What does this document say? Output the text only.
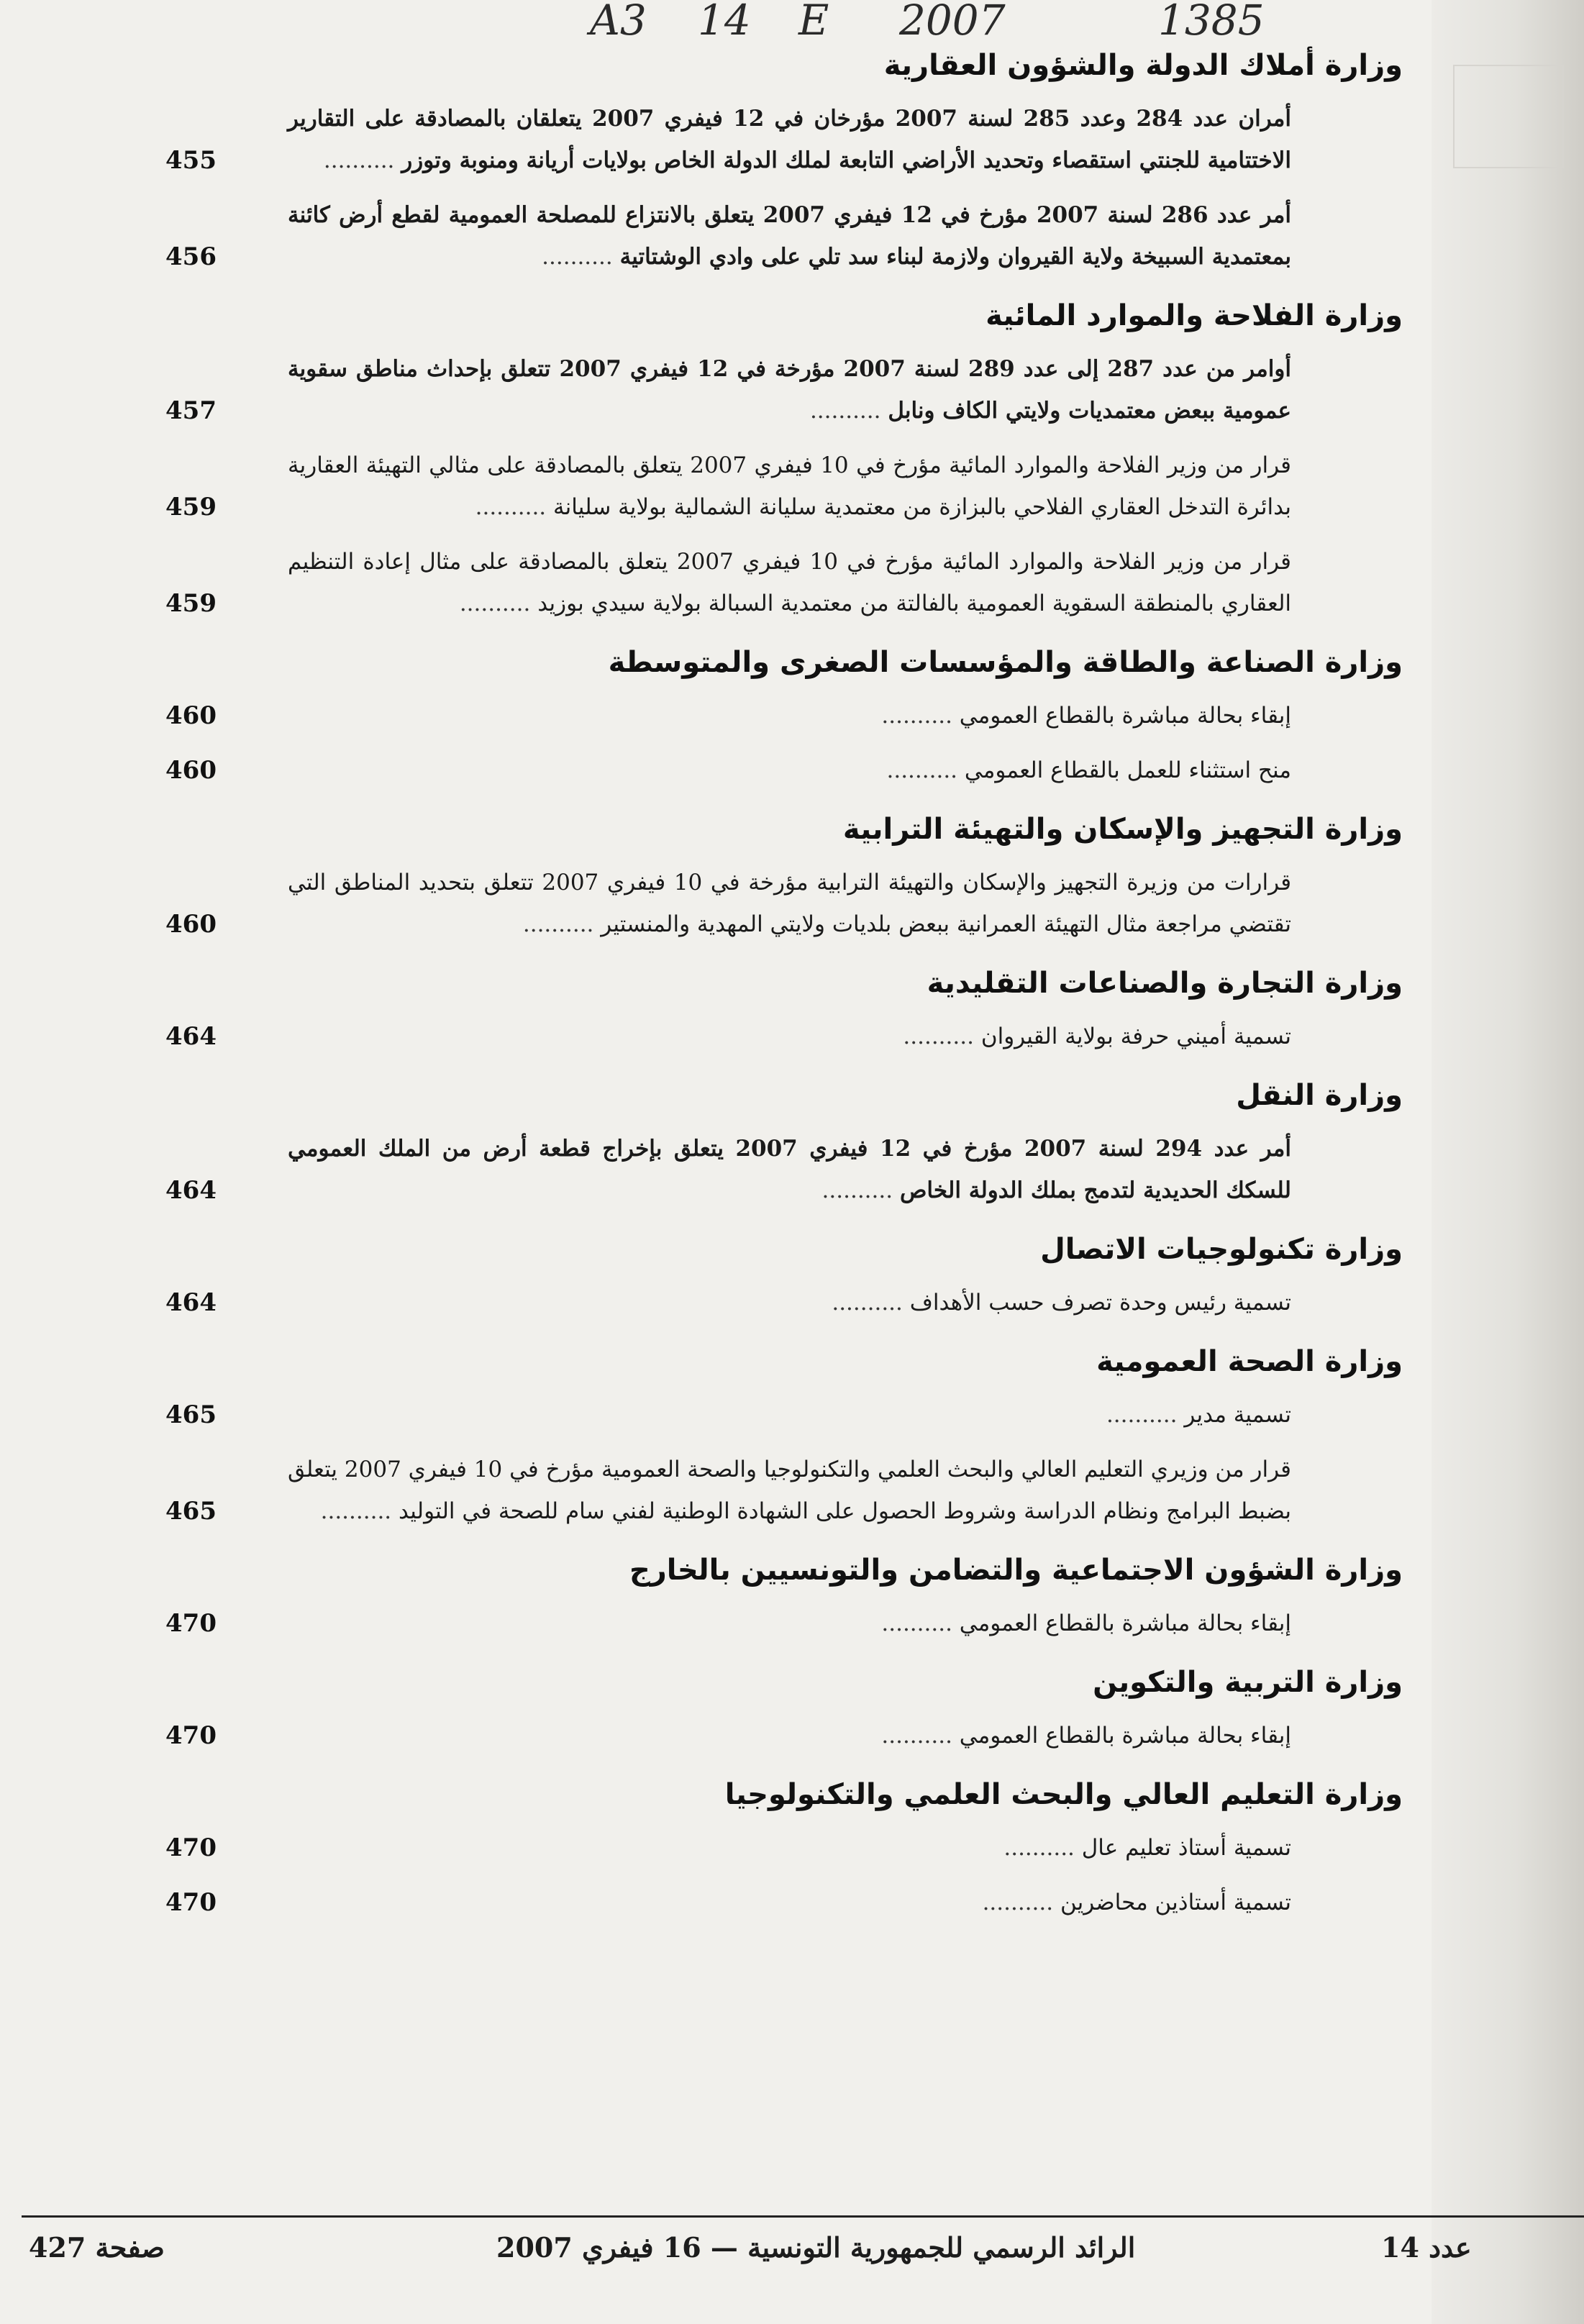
A3 14 E 2007	1385
وزارة أملاك الدولة والشؤون العقارية
أمران عدد 284 وعدد 285 لسنة 2007 مؤرخان في 12 فيفري 2007 يتعلقان بالمصادقة على التقارير الاختتامية للجنتي استقصاء وتحديد الأراضي التابعة لملك الدولة الخاص بولايات أريانة ومنوبة وتوزر ..........
455
أمر عدد 286 لسنة 2007 مؤرخ في 12 فيفري 2007 يتعلق بالانتزاع للمصلحة العمومية لقطع أرض كائنة بمعتمدية السبيخة ولاية القيروان ولازمة لبناء سد تلي على وادي الوشتاتية ..........
456
وزارة الفلاحة والموارد المائية
أوامر من عدد 287 إلى عدد 289 لسنة 2007 مؤرخة في 12 فيفري 2007 تتعلق بإحداث مناطق سقوية عمومية ببعض معتمديات ولايتي الكاف ونابل ..........
457
قرار من وزير الفلاحة والموارد المائية مؤرخ في 10 فيفري 2007 يتعلق بالمصادقة على مثالي التهيئة العقارية بدائرة التدخل العقاري الفلاحي بالبزازة من معتمدية سليانة الشمالية بولاية سليانة ..........
459
قرار من وزير الفلاحة والموارد المائية مؤرخ في 10 فيفري 2007 يتعلق بالمصادقة على مثال إعادة التنظيم العقاري بالمنطقة السقوية العمومية بالفالتة من معتمدية السبالة بولاية سيدي بوزيد ..........
459
وزارة الصناعة والطاقة والمؤسسات الصغرى والمتوسطة
إبقاء بحالة مباشرة بالقطاع العمومي ..........
460
منح استثناء للعمل بالقطاع العمومي ..........
460
وزارة التجهيز والإسكان والتهيئة الترابية
قرارات من وزيرة التجهيز والإسكان والتهيئة الترابية مؤرخة في 10 فيفري 2007 تتعلق بتحديد المناطق التي تقتضي مراجعة مثال التهيئة العمرانية ببعض بلديات ولايتي المهدية والمنستير ..........
460
وزارة التجارة والصناعات التقليدية
تسمية أميني حرفة بولاية القيروان ..........
464
وزارة النقل
أمر عدد 294 لسنة 2007 مؤرخ في 12 فيفري 2007 يتعلق بإخراج قطعة أرض من الملك العمومي للسكك الحديدية لتدمج بملك الدولة الخاص ..........
464
وزارة تكنولوجيات الاتصال
تسمية رئيس وحدة تصرف حسب الأهداف ..........
464
وزارة الصحة العمومية
تسمية مدير ..........
465
قرار من وزيري التعليم العالي والبحث العلمي والتكنولوجيا والصحة العمومية مؤرخ في 10 فيفري 2007 يتعلق بضبط البرامج ونظام الدراسة وشروط الحصول على الشهادة الوطنية لفني سام للصحة في التوليد ..........
465
وزارة الشؤون الاجتماعية والتضامن والتونسيين بالخارج
إبقاء بحالة مباشرة بالقطاع العمومي ..........
470
وزارة التربية والتكوين
إبقاء بحالة مباشرة بالقطاع العمومي ..........
470
وزارة التعليم العالي والبحث العلمي والتكنولوجيا
تسمية أستاذ تعليم عال ..........
470
تسمية أستاذين محاضرين ..........
470
صفحة 427	الرائد الرسمي للجمهورية التونسية — 16 فيفري 2007	عدد 14
